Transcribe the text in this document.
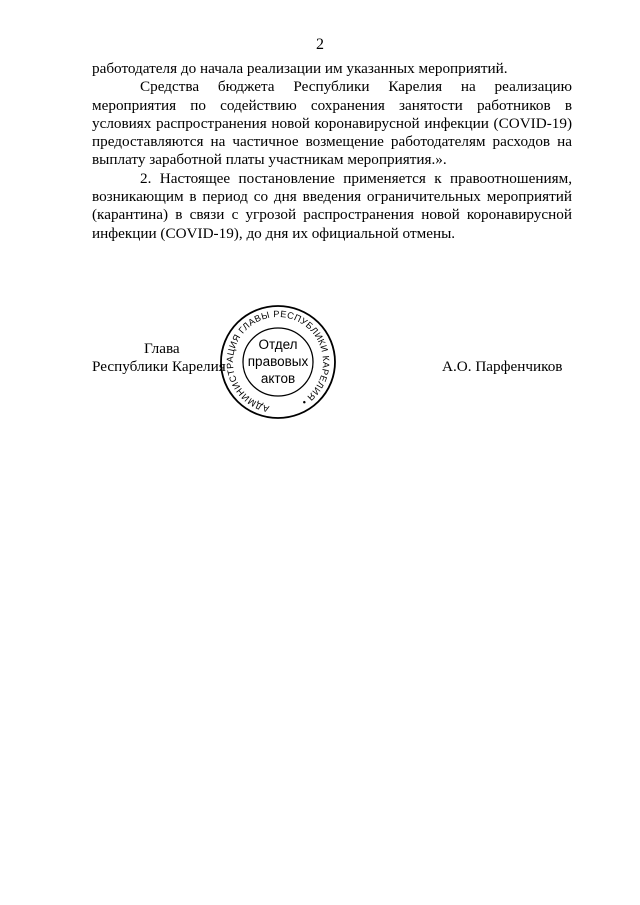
2

работодателя до начала реализации им указанных мероприятий.

Средства бюджета Республики Карелия на реализацию мероприятия по содействию сохранения занятости работников в условиях распространения новой коронавирусной инфекции (COVID-19) предоставляются на частичное возмещение работодателям расходов на выплату заработной платы участникам мероприятия.».

2. Настоящее постановление применяется к правоотношениям, возникающим в период со дня введения ограничительных мероприятий (карантина) в связи с угрозой распространения новой коронавирусной инфекции (COVID-19), до дня их официальной отмены.

Глава
Республики Карелия	А.О. Парфенчиков
АДМИНИСТРАЦИЯ ГЛАВЫ РЕСПУБЛИКИ КАРЕЛИЯ •
Отдел
правовых
актов
